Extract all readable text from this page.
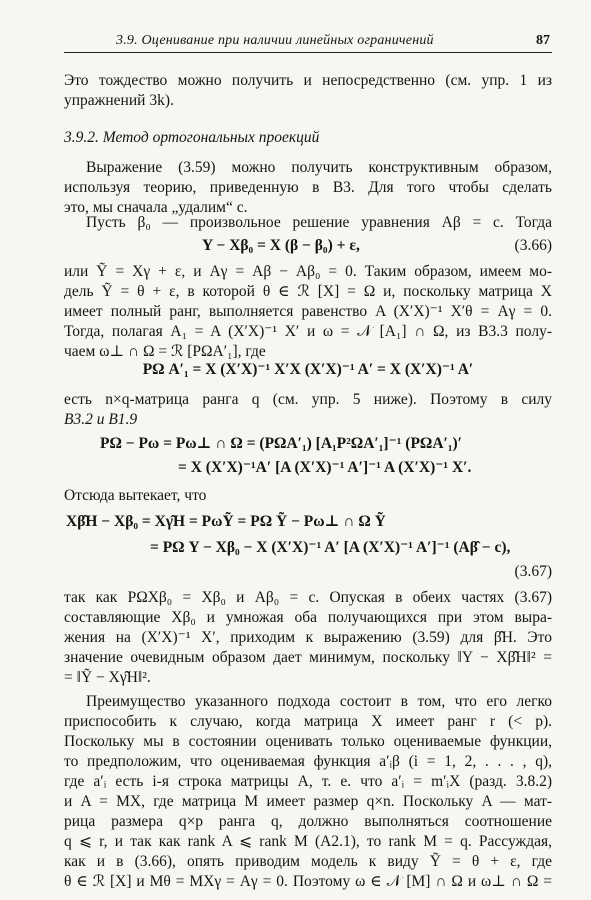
3.9. Оценивание при наличии линейных ограничений	87
Это тождество можно получить и непосредственно (см. упр. 1 из
упражнений 3k).
3.9.2. Метод ортогональных проекций
Выражение (3.59) можно получить конструктивным образом,
используя теорию, приведенную в B3. Для того чтобы сделать
это, мы сначала „удалим“ c.
Пусть β₀ — произвольное решение уравнения Aβ = c. Тогда
Y − Xβ₀ = X (β − β₀) + ε,	(3.66)
или Ỹ = Xγ + ε, и Aγ = Aβ − Aβ₀ = 0. Таким образом, имеем мо-
дель Ỹ = θ + ε, в которой θ ∈ ℛ [X] = Ω и, поскольку матрица X
имеет полный ранг, выполняется равенство A (X′X)⁻¹ X′θ = Aγ = 0.
Тогда, полагая A₁ = A (X′X)⁻¹ X′ и ω = 𝒩 [A₁] ∩ Ω, из B3.3 полу-
чаем ω⊥ ∩ Ω = ℛ [PΩA′₁], где
PΩ A′₁ = X (X′X)⁻¹ X′X (X′X)⁻¹ A′ = X (X′X)⁻¹ A′
есть n×q-матрица ранга q (см. упр. 5 ниже). Поэтому в силу
B3.2 и B1.9
PΩ − Pω = Pω⊥ ∩ Ω = (PΩA′₁) [A₁P²ΩA′₁]⁻¹ (PΩA′₁)′
= X (X′X)⁻¹A′ [A (X′X)⁻¹ A′]⁻¹ A (X′X)⁻¹ X′.
Отсюда вытекает, что
Xβ̂H − Xβ₀ = Xγ̂H = PωỸ = PΩ Ỹ − Pω⊥ ∩ Ω Ỹ
= PΩ Y − Xβ₀ − X (X′X)⁻¹ A′ [A (X′X)⁻¹ A′]⁻¹ (Aβ̂ − c),
(3.67)
так как PΩXβ₀ = Xβ₀ и Aβ₀ = c. Опуская в обеих частях (3.67)
составляющие Xβ₀ и умножая оба получающихся при этом выра-
жения на (X′X)⁻¹ X′, приходим к выражению (3.59) для β̂H. Это
значение очевидным образом дает минимум, поскольку ‖Y − Xβ̂H‖² =
= ‖Ỹ − Xγ̂H‖².
Преимущество указанного подхода состоит в том, что его легко
приспособить к случаю, когда матрица X имеет ранг r (< p).
Поскольку мы в состоянии оценивать только оцениваемые функции,
то предположим, что оцениваемая функция a′ᵢβ (i = 1, 2, . . . , q),
где a′ᵢ есть i-я строка матрицы A, т. е. что a′ᵢ = m′ᵢX (разд. 3.8.2)
и A = MX, где матрица M имеет размер q×n. Поскольку A — мат-
рица размера q×p ранга q, должно выполняться соотношение
q ⩽ r, и так как rank A ⩽ rank M (A2.1), то rank M = q. Рассуждая,
как и в (3.66), опять приводим модель к виду Ỹ = θ + ε, где
θ ∈ ℛ [X] и Mθ = MXγ = Aγ = 0. Поэтому ω ∈ 𝒩 [M] ∩ Ω и ω⊥ ∩ Ω =
